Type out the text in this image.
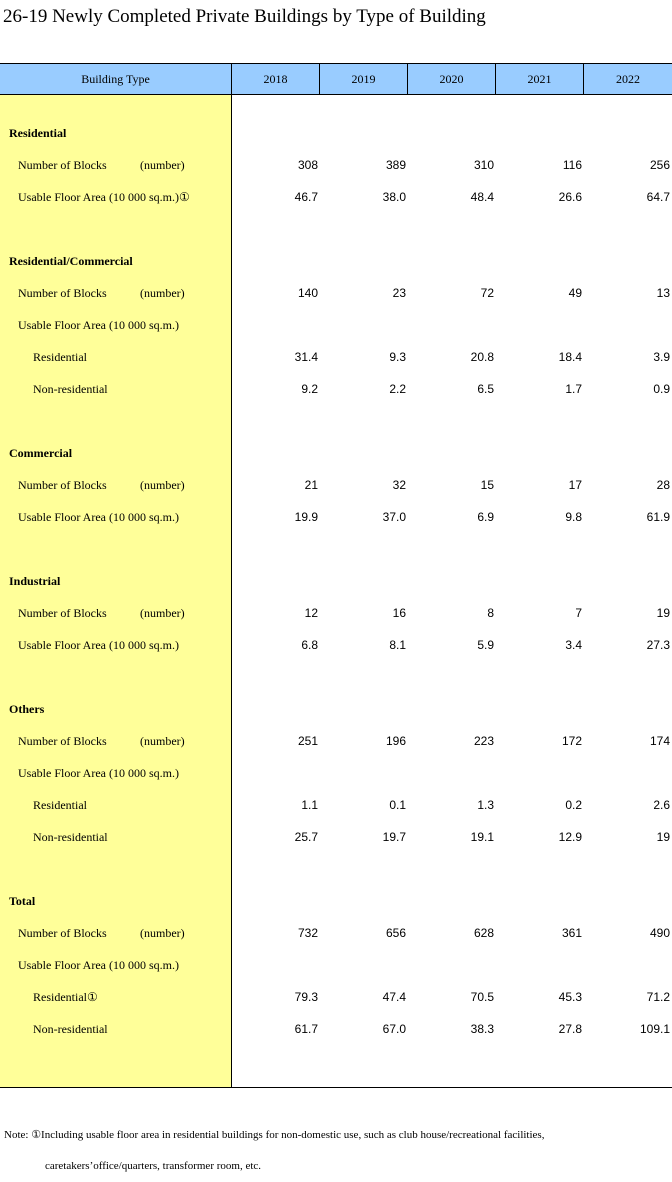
26-19 Newly Completed Private Buildings by Type of Building
Building Type	2018	2019	2020	2021	2022
Residential
Number of Blocks	(number)	308	389	310	116	256
Usable Floor Area (10 000 sq.m.)①	46.7	38.0	48.4	26.6	64.7
Residential/Commercial
Number of Blocks	(number)	140	23	72	49	13
Usable Floor Area (10 000 sq.m.)
Residential	31.4	9.3	20.8	18.4	3.9
Non-residential	9.2	2.2	6.5	1.7	0.9
Commercial
Number of Blocks	(number)	21	32	15	17	28
Usable Floor Area (10 000 sq.m.)	19.9	37.0	6.9	9.8	61.9
Industrial
Number of Blocks	(number)	12	16	8	7	19
Usable Floor Area (10 000 sq.m.)	6.8	8.1	5.9	3.4	27.3
Others
Number of Blocks	(number)	251	196	223	172	174
Usable Floor Area (10 000 sq.m.)
Residential	1.1	0.1	1.3	0.2	2.6
Non-residential	25.7	19.7	19.1	12.9	19
Total
Number of Blocks	(number)	732	656	628	361	490
Usable Floor Area (10 000 sq.m.)
Residential①	79.3	47.4	70.5	45.3	71.2
Non-residential	61.7	67.0	38.3	27.8	109.1
Note: ①Including usable floor area in residential buildings for non-domestic use, such as club house/recreational facilities,
caretakers’office/quarters, transformer room, etc.
